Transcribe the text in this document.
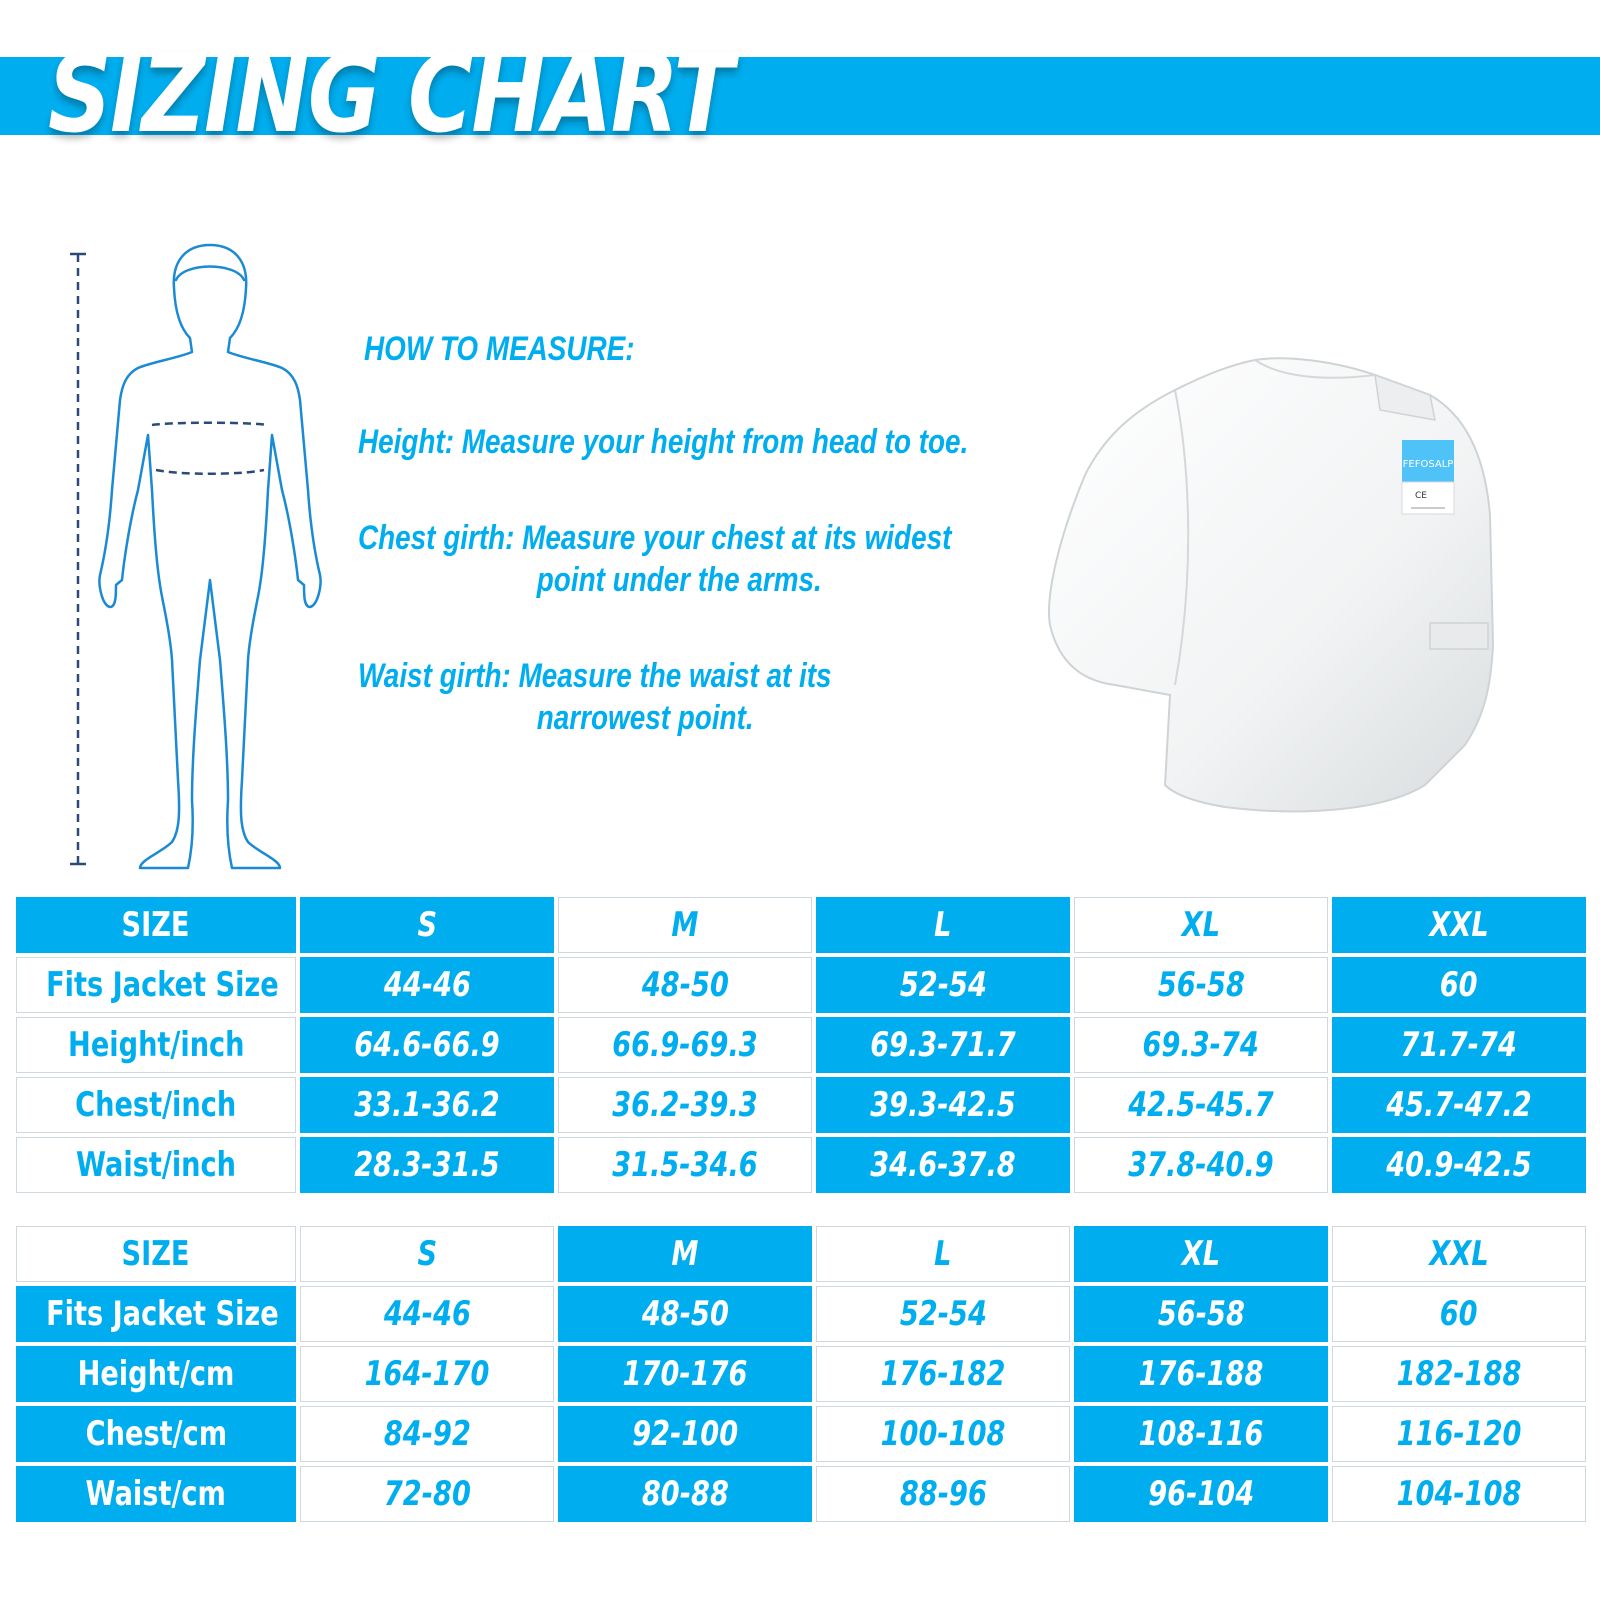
SIZING CHART
HOW TO MEASURE:
Height: Measure your height from head to toe.
Chest girth: Measure your chest at its widest
point under the arms.
Waist girth: Measure the waist at its
narrowest point.
FEFOSALP
CE
SIZE	S	M	L	XL	XXL
Fits Jacket Size	44-46	48-50	52-54	56-58	60
Height/inch	64.6-66.9	66.9-69.3	69.3-71.7	69.3-74	71.7-74
Chest/inch	33.1-36.2	36.2-39.3	39.3-42.5	42.5-45.7	45.7-47.2
Waist/inch	28.3-31.5	31.5-34.6	34.6-37.8	37.8-40.9	40.9-42.5
SIZE	S	M	L	XL	XXL
Fits Jacket Size	44-46	48-50	52-54	56-58	60
Height/cm	164-170	170-176	176-182	176-188	182-188
Chest/cm	84-92	92-100	100-108	108-116	116-120
Waist/cm	72-80	80-88	88-96	96-104	104-108
